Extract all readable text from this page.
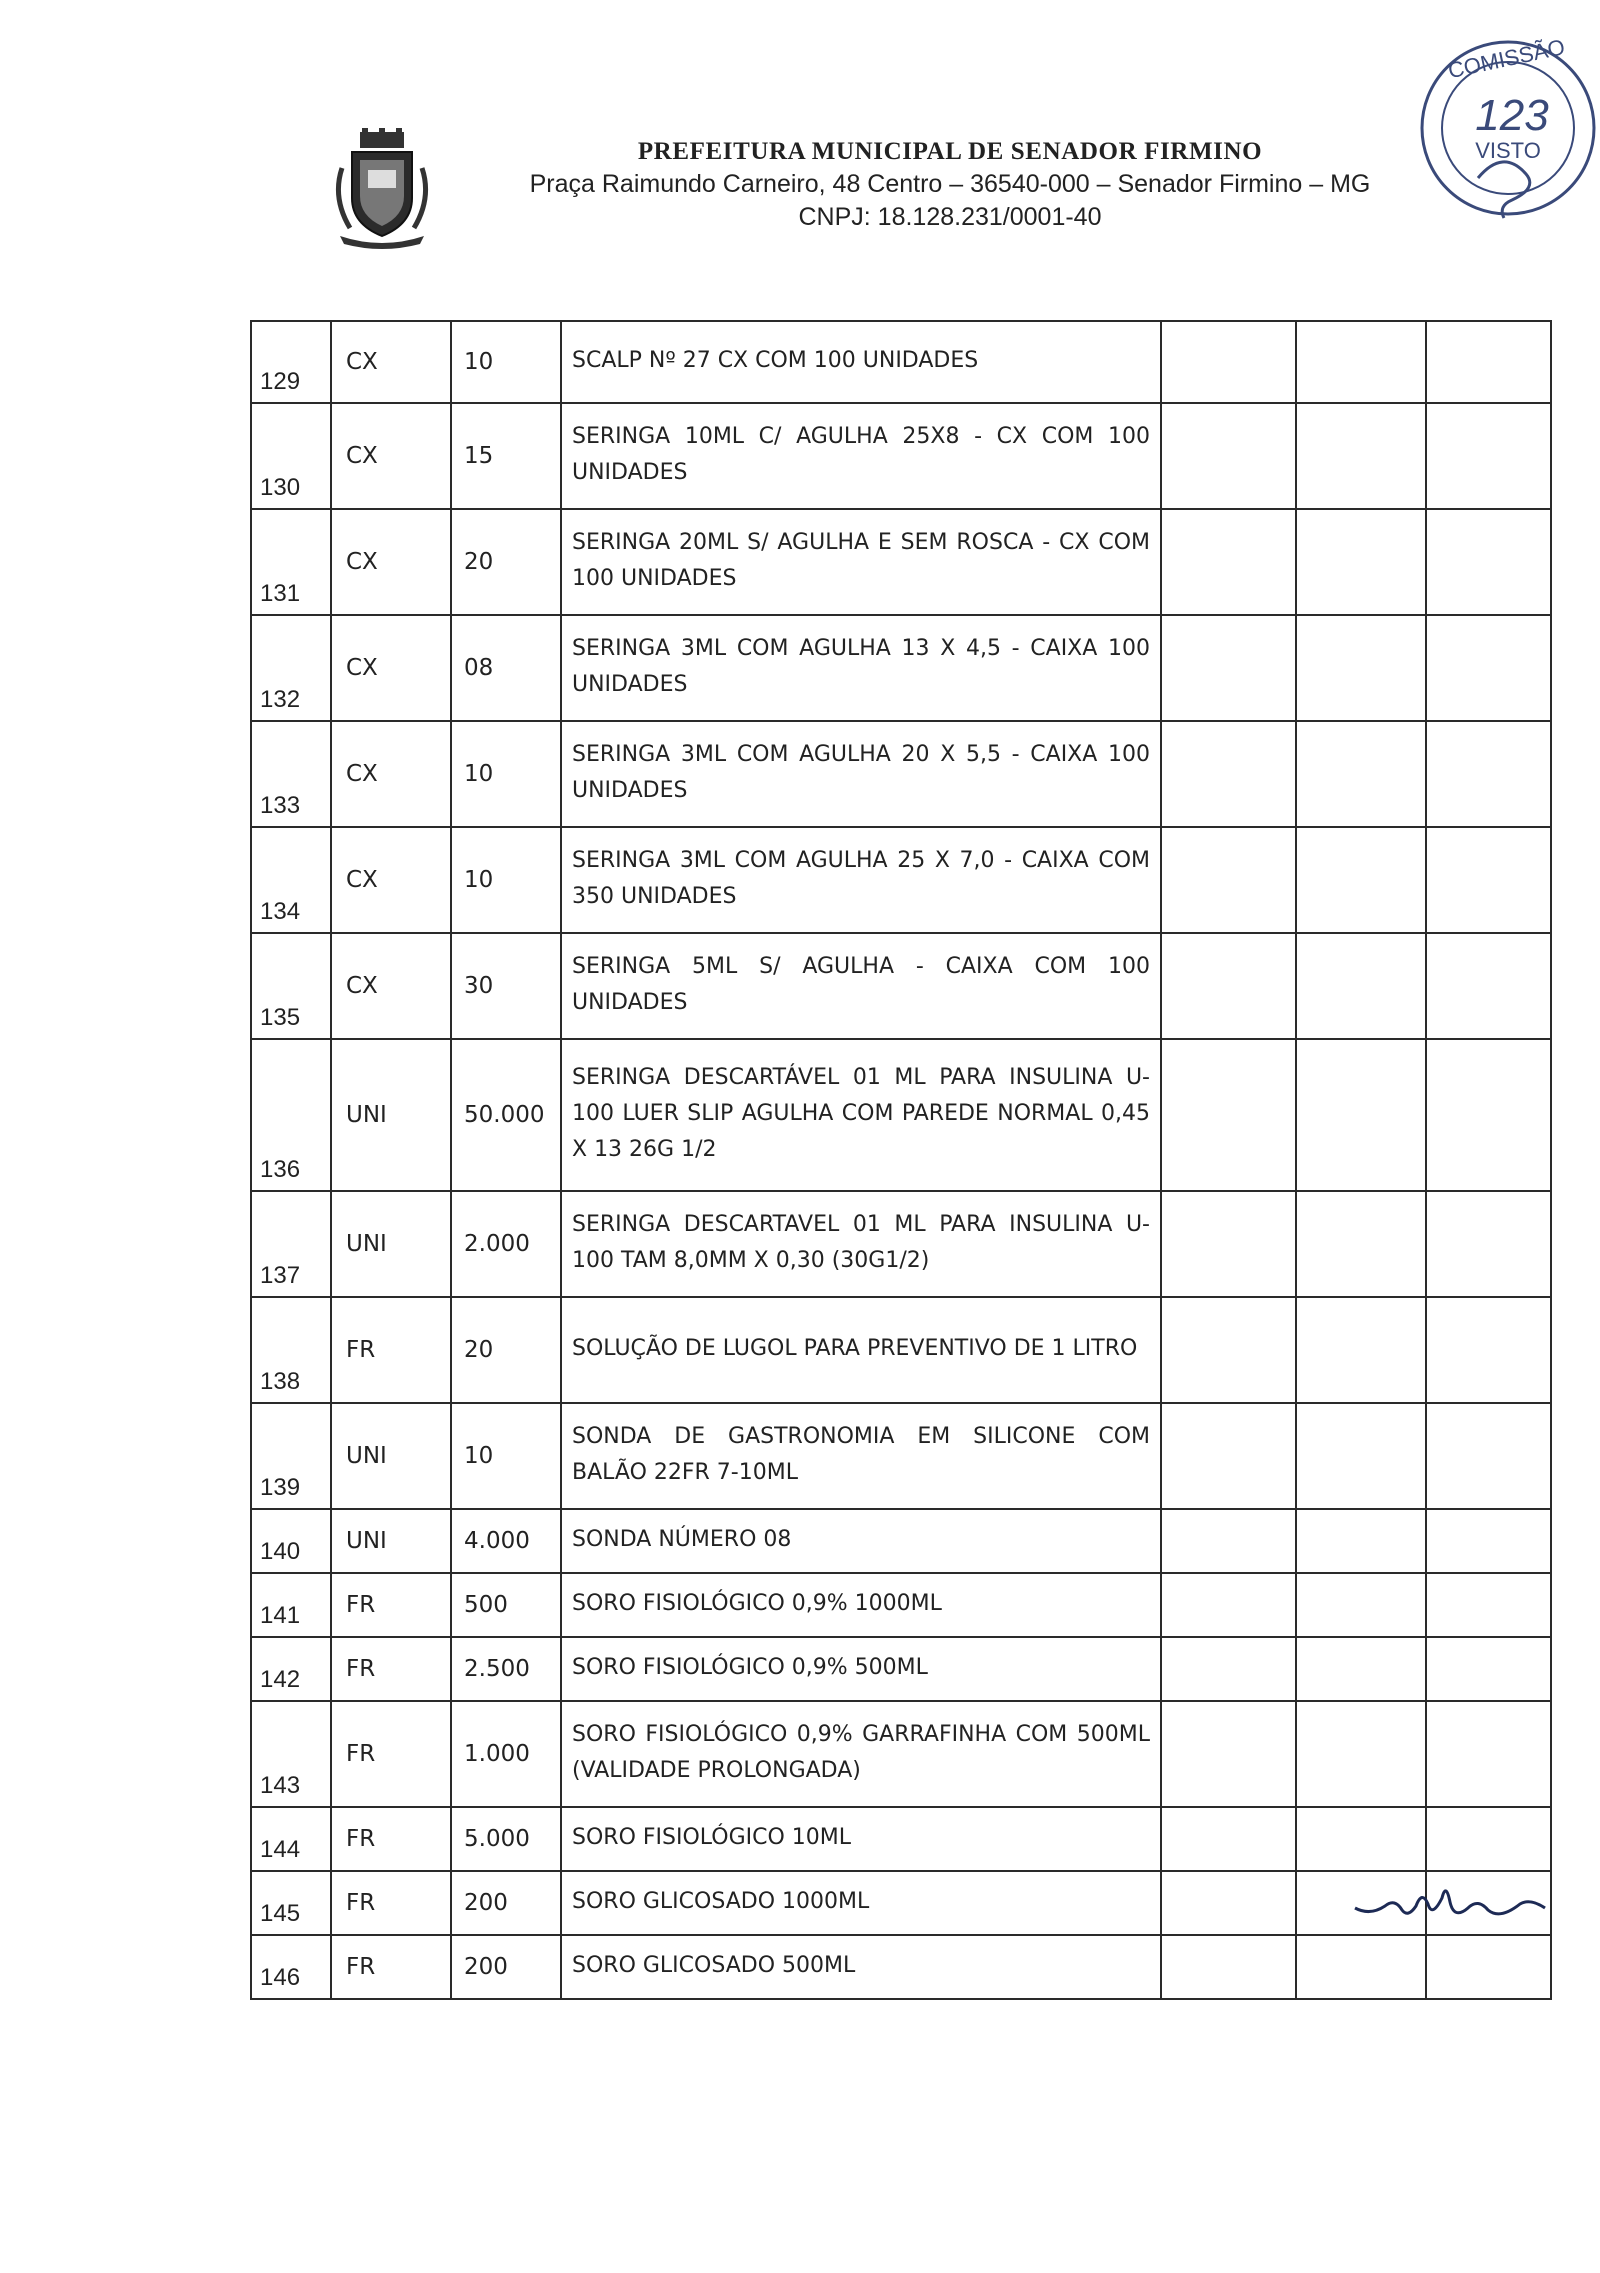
PREFEITURA MUNICIPAL DE SENADOR FIRMINO
Praça Raimundo Carneiro, 48 Centro – 36540-000 – Senador Firmino – MG
CNPJ: 18.128.231/0001-40
COMISSÃO
123
VISTO
129	CX	10	SCALP Nº 27 CX COM 100 UNIDADES			
130	CX	15	SERINGA 10ML C/ AGULHA 25X8 - CX COM 100 UNIDADES			
131	CX	20	SERINGA 20ML S/ AGULHA E SEM ROSCA - CX COM 100 UNIDADES			
132	CX	08	SERINGA 3ML COM AGULHA 13 X 4,5 - CAIXA 100 UNIDADES			
133	CX	10	SERINGA 3ML COM AGULHA 20 X 5,5 - CAIXA 100 UNIDADES			
134	CX	10	SERINGA 3ML COM AGULHA 25 X 7,0 - CAIXA COM 350 UNIDADES			
135	CX	30	SERINGA 5ML S/ AGULHA - CAIXA COM 100 UNIDADES			
136	UNI	50.000	SERINGA DESCARTÁVEL 01 ML PARA INSULINA U-100 LUER SLIP AGULHA COM PAREDE NORMAL 0,45 X 13 26G 1/2			
137	UNI	2.000	SERINGA DESCARTAVEL 01 ML PARA INSULINA U-100 TAM 8,0MM X 0,30 (30G1/2)			
138	FR	20	SOLUÇÃO DE LUGOL PARA PREVENTIVO DE 1 LITRO			
139	UNI	10	SONDA DE GASTRONOMIA EM SILICONE COM BALÃO 22FR 7-10ML			
140	UNI	4.000	SONDA NÚMERO 08			
141	FR	500	SORO FISIOLÓGICO 0,9% 1000ML			
142	FR	2.500	SORO FISIOLÓGICO 0,9% 500ML			
143	FR	1.000	SORO FISIOLÓGICO 0,9% GARRAFINHA COM 500ML (VALIDADE PROLONGADA)			
144	FR	5.000	SORO FISIOLÓGICO 10ML			
145	FR	200	SORO GLICOSADO 1000ML			
146	FR	200	SORO GLICOSADO 500ML			
